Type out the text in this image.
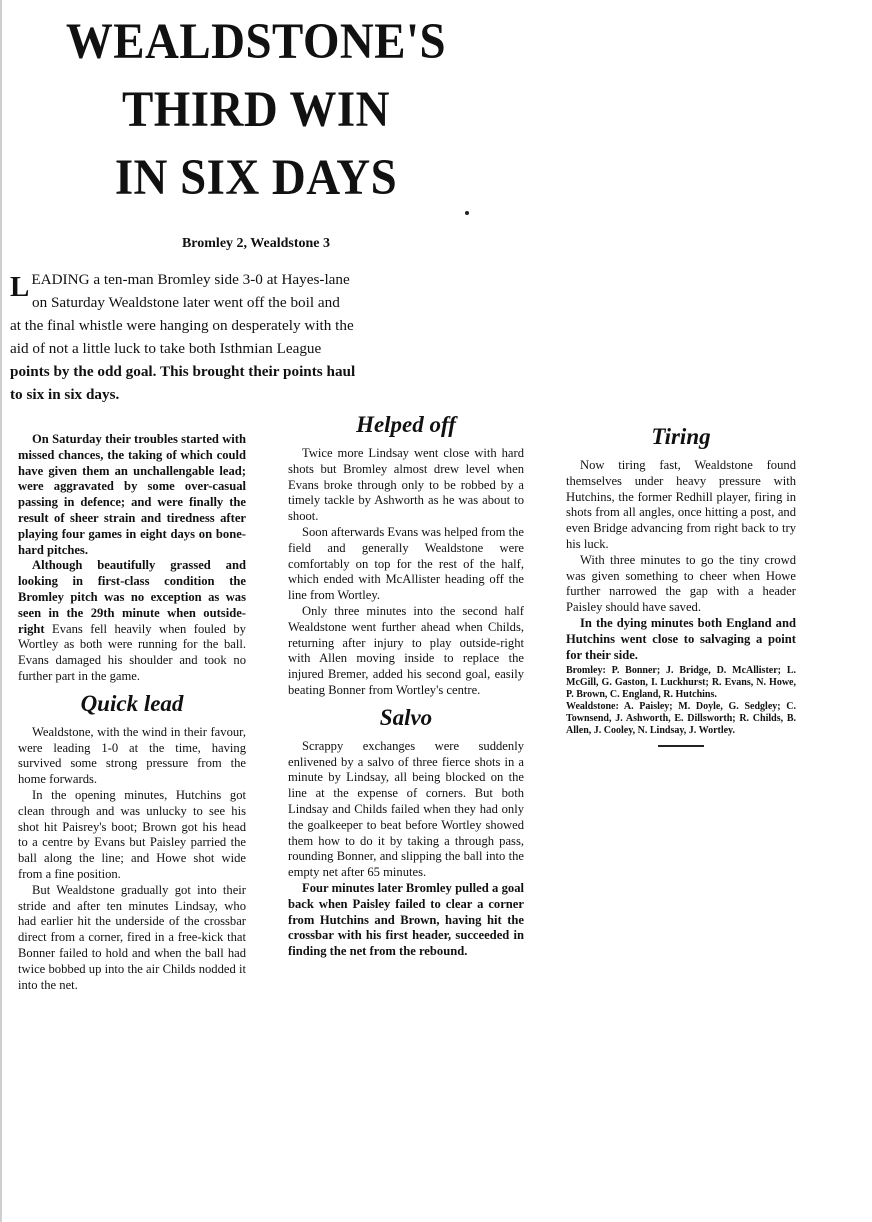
WEALDSTONE'S
THIRD WIN
IN SIX DAYS
Bromley 2, Wealdstone 3
L EADING a ten-man Bromley side 3-0 at Hayes-lane
on Saturday Wealdstone later went off the boil and
at the final whistle were hanging on desperately with the
aid of not a little luck to take both Isthmian League
points by the odd goal. This brought their points haul
to six in six days.

On Saturday their troubles started with missed chances, the taking of which could have given them an unchallengable lead; were aggravated by some over-casual passing in defence; and were finally the result of sheer strain and tiredness after playing four games in eight days on bone-hard pitches.

Although beautifully grassed and looking in first-class condition the Bromley pitch was no exception as was seen in the 29th minute when outside-right Evans fell heavily when fouled by Wortley as both were running for the ball. Evans damaged his shoulder and took no further part in the game.

Quick lead

Wealdstone, with the wind in their favour, were leading 1-0 at the time, having survived some strong pressure from the home forwards.

In the opening minutes, Hutchins got clean through and was unlucky to see his shot hit Paisrey's boot; Brown got his head to a centre by Evans but Paisley parried the ball along the line; and Howe shot wide from a fine position.

But Wealdstone gradually got into their stride and after ten minutes Lindsay, who had earlier hit the underside of the crossbar direct from a corner, fired in a free-kick that Bonner failed to hold and when the ball had twice bobbed up into the air Childs nodded it into the net.

Helped off

Twice more Lindsay went close with hard shots but Bromley almost drew level when Evans broke through only to be robbed by a timely tackle by Ashworth as he was about to shoot.

Soon afterwards Evans was helped from the field and generally Wealdstone were comfortably on top for the rest of the half, which ended with McAllister heading off the line from Wortley.

Only three minutes into the second half Wealdstone went further ahead when Childs, returning after injury to play outside-right with Allen moving inside to replace the injured Bremer, added his second goal, easily beating Bonner from Wortley's centre.

Salvo

Scrappy exchanges were suddenly enlivened by a salvo of three fierce shots in a minute by Lindsay, all being blocked on the line at the expense of corners. But both Lindsay and Childs failed when they had only the goalkeeper to beat before Wortley showed them how to do it by taking a through pass, rounding Bonner, and slipping the ball into the empty net after 65 minutes.

Four minutes later Bromley pulled a goal back when Paisley failed to clear a corner from Hutchins and Brown, having hit the crossbar with his first header, succeeded in finding the net from the rebound.

Tiring

Now tiring fast, Wealdstone found themselves under heavy pressure with Hutchins, the former Redhill player, firing in shots from all angles, once hitting a post, and even Bridge advancing from right back to try his luck.

With three minutes to go the tiny crowd was given something to cheer when Howe further narrowed the gap with a header Paisley should have saved.

In the dying minutes both England and Hutchins went close to salvaging a point for their side.

Bromley: P. Bonner; J. Bridge, D. McAllister; L. McGill, G. Gaston, I. Luckhurst; R. Evans, N. Howe, P. Brown, C. England, R. Hutchins.
Wealdstone: A. Paisley; M. Doyle, G. Sedgley; C. Townsend, J. Ashworth, E. Dillsworth; R. Childs, B. Allen, J. Cooley, N. Lindsay, J. Wortley.
